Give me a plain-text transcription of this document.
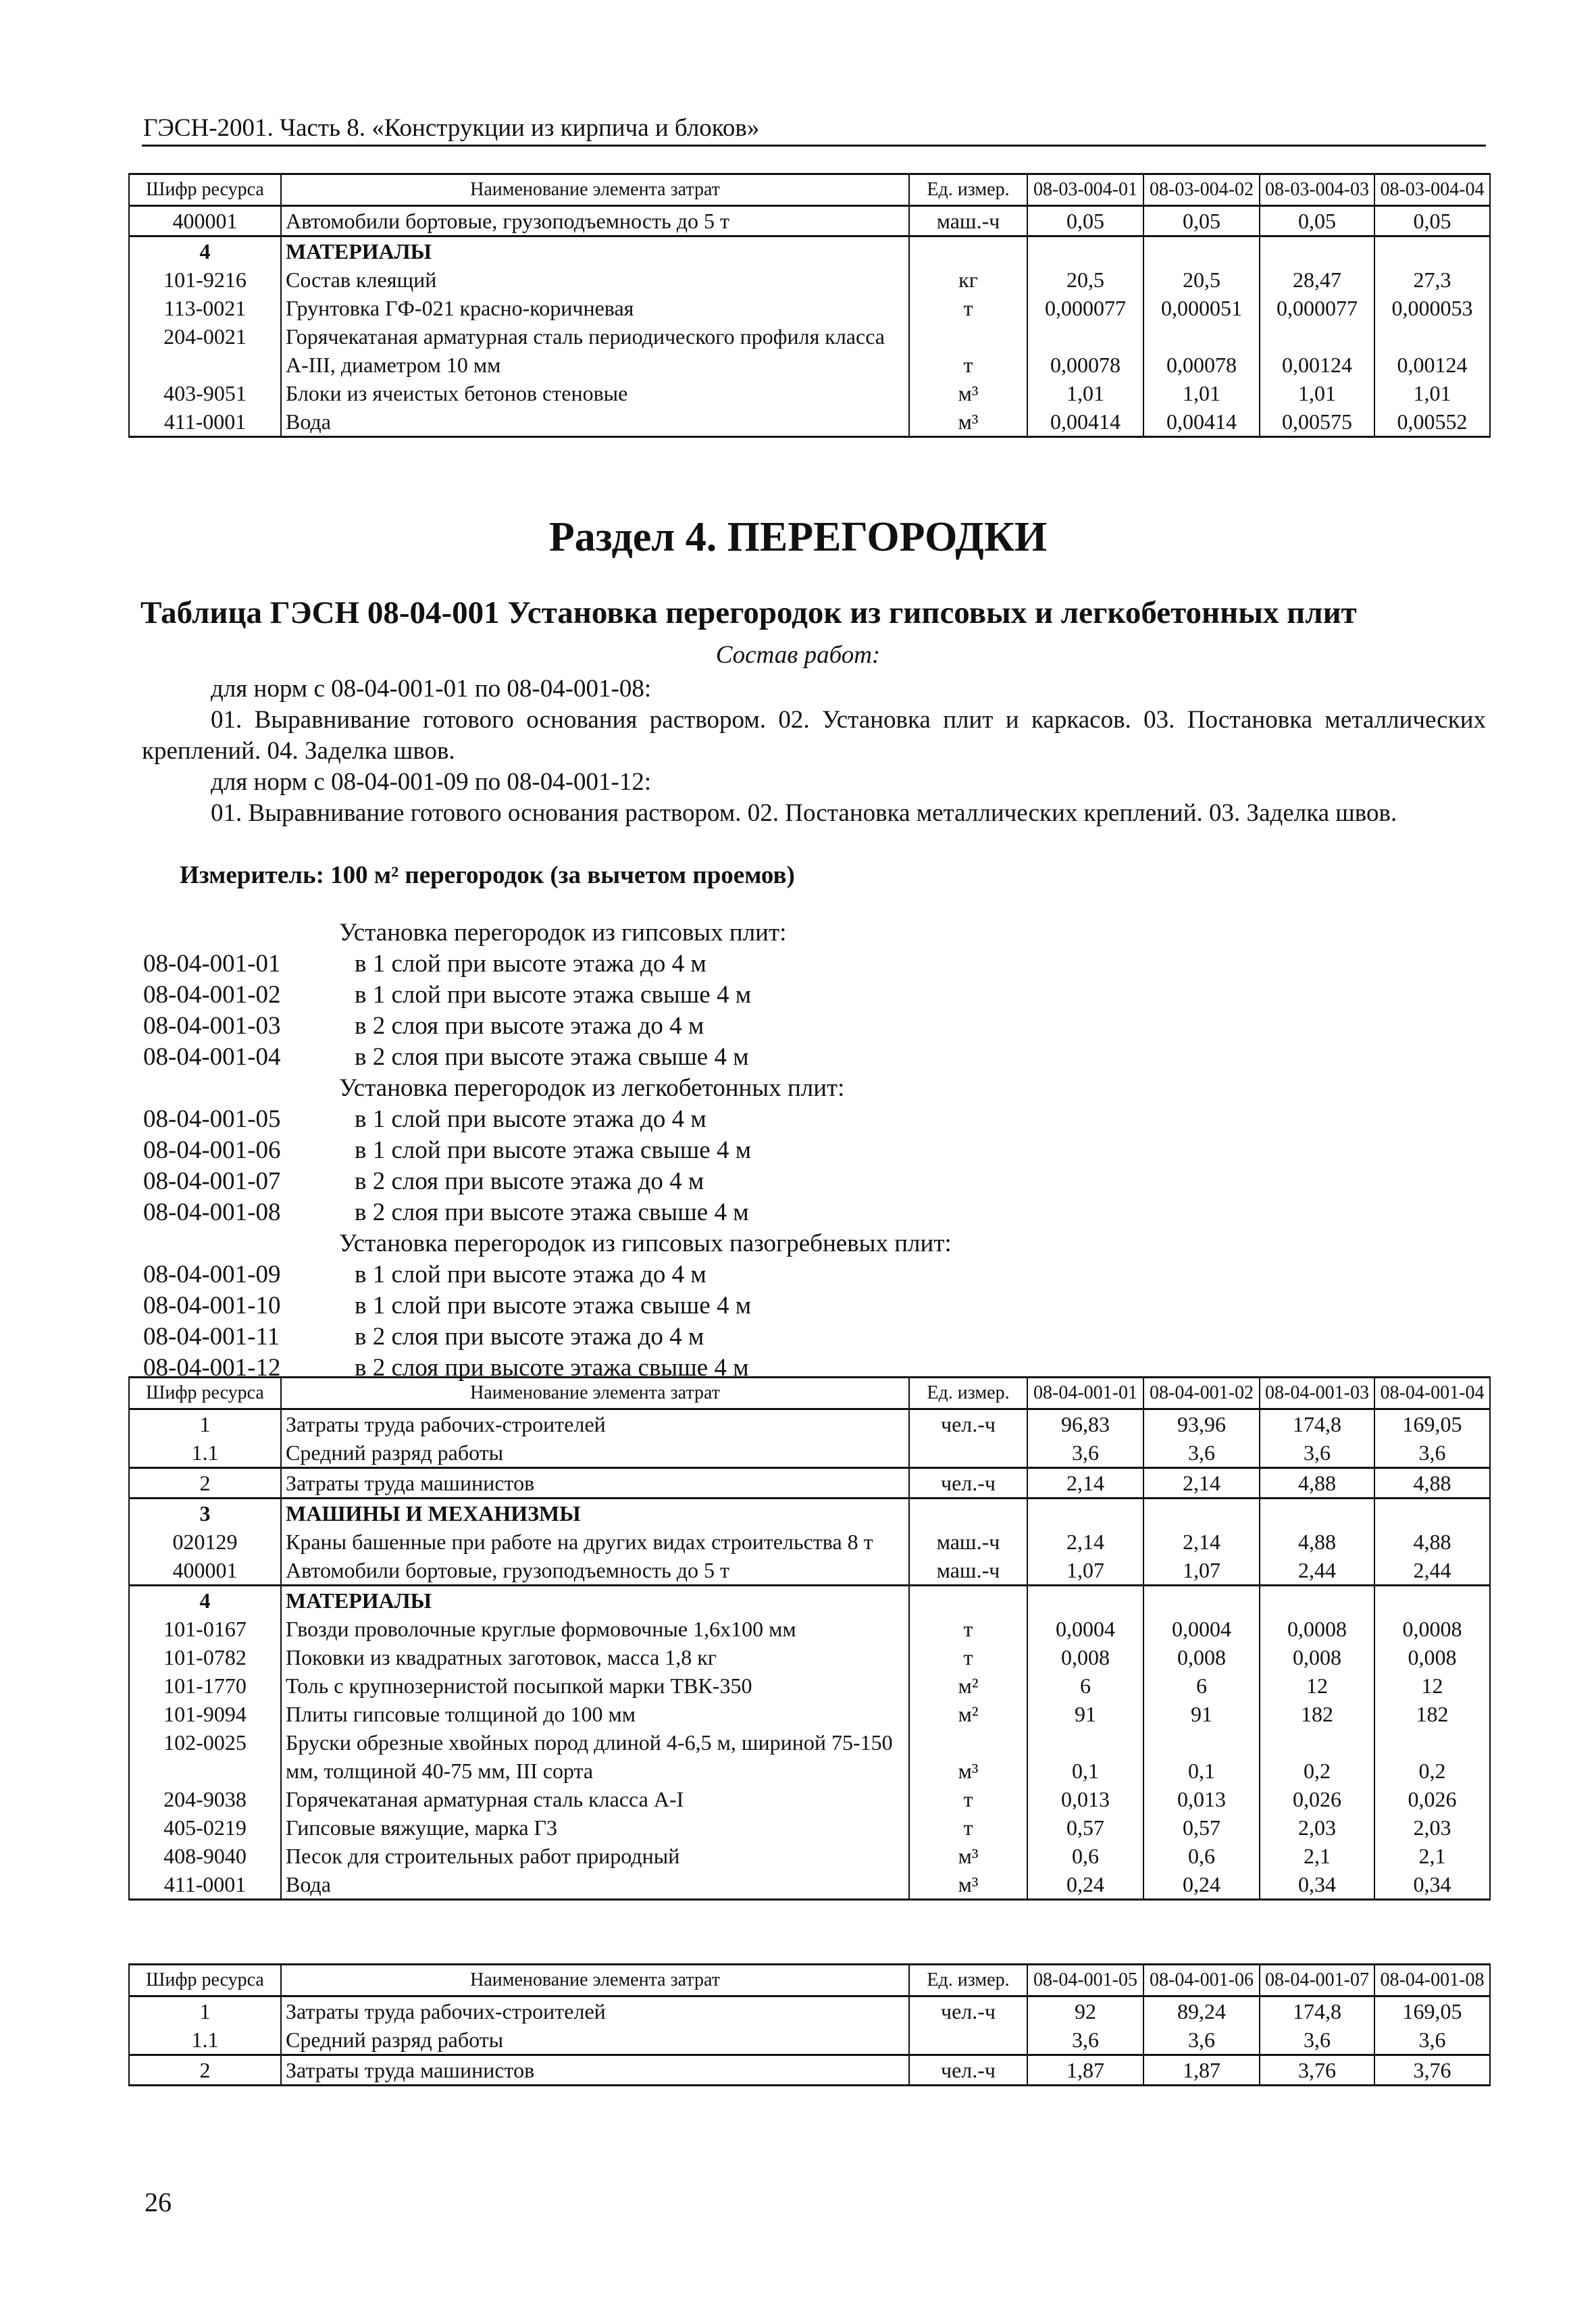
ГЭСН-2001. Часть 8. «Конструкции из кирпича и блоков»
Шифр ресурса	Наименование элемента затрат	Ед. измер.	08-03-004-01	08-03-004-02	08-03-004-03	08-03-004-04
400001	Автомобили бортовые, грузоподъемность до 5 т	маш.-ч	0,05	0,05	0,05	0,05
4	МАТЕРИАЛЫ					
101-9216	Состав клеящий	кг	20,5	20,5	28,47	27,3
113-0021	Грунтовка ГФ-021 красно-коричневая	т	0,000077	0,000051	0,000077	0,000053
204-0021	Горячекатаная арматурная сталь периодического профиля класса А-III, диаметром 10 мм	т	0,00078	0,00078	0,00124	0,00124
403-9051	Блоки из ячеистых бетонов стеновые	м³	1,01	1,01	1,01	1,01
411-0001	Вода	м³	0,00414	0,00414	0,00575	0,00552
Раздел 4. ПЕРЕГОРОДКИ
Таблица ГЭСН 08-04-001 Установка перегородок из гипсовых и легкобетонных плит
Состав работ:
для норм с 08-04-001-01 по 08-04-001-08:
01. Выравнивание готового основания раствором. 02. Установка плит и каркасов. 03. Постановка металлических креплений. 04. Заделка швов.
для норм с 08-04-001-09 по 08-04-001-12:
01. Выравнивание готового основания раствором. 02. Постановка металлических креплений. 03. Заделка швов.
Измеритель: 100 м² перегородок (за вычетом проемов)
Установка перегородок из гипсовых плит:
08-04-001-01	в 1 слой при высоте этажа до 4 м
08-04-001-02	в 1 слой при высоте этажа свыше 4 м
08-04-001-03	в 2 слоя при высоте этажа до 4 м
08-04-001-04	в 2 слоя при высоте этажа свыше 4 м
Установка перегородок из легкобетонных плит:
08-04-001-05	в 1 слой при высоте этажа до 4 м
08-04-001-06	в 1 слой при высоте этажа свыше 4 м
08-04-001-07	в 2 слоя при высоте этажа до 4 м
08-04-001-08	в 2 слоя при высоте этажа свыше 4 м
Установка перегородок из гипсовых пазогребневых плит:
08-04-001-09	в 1 слой при высоте этажа до 4 м
08-04-001-10	в 1 слой при высоте этажа свыше 4 м
08-04-001-11	в 2 слоя при высоте этажа до 4 м
08-04-001-12	в 2 слоя при высоте этажа свыше 4 м
Шифр ресурса	Наименование элемента затрат	Ед. измер.	08-04-001-01	08-04-001-02	08-04-001-03	08-04-001-04
1	Затраты труда рабочих-строителей	чел.-ч	96,83	93,96	174,8	169,05
1.1	Средний разряд работы		3,6	3,6	3,6	3,6
2	Затраты труда машинистов	чел.-ч	2,14	2,14	4,88	4,88
3	МАШИНЫ И МЕХАНИЗМЫ					
020129	Краны башенные при работе на других видах строительства 8 т	маш.-ч	2,14	2,14	4,88	4,88
400001	Автомобили бортовые, грузоподъемность до 5 т	маш.-ч	1,07	1,07	2,44	2,44
4	МАТЕРИАЛЫ					
101-0167	Гвозди проволочные круглые формовочные 1,6х100 мм	т	0,0004	0,0004	0,0008	0,0008
101-0782	Поковки из квадратных заготовок, масса 1,8 кг	т	0,008	0,008	0,008	0,008
101-1770	Толь с крупнозернистой посыпкой марки ТВК-350	м²	6	6	12	12
101-9094	Плиты гипсовые толщиной до 100 мм	м²	91	91	182	182
102-0025	Бруски обрезные хвойных пород длиной 4-6,5 м, шириной 75-150 мм, толщиной 40-75 мм, III сорта	м³	0,1	0,1	0,2	0,2
204-9038	Горячекатаная арматурная сталь класса А-I	т	0,013	0,013	0,026	0,026
405-0219	Гипсовые вяжущие, марка Г3	т	0,57	0,57	2,03	2,03
408-9040	Песок для строительных работ природный	м³	0,6	0,6	2,1	2,1
411-0001	Вода	м³	0,24	0,24	0,34	0,34
Шифр ресурса	Наименование элемента затрат	Ед. измер.	08-04-001-05	08-04-001-06	08-04-001-07	08-04-001-08
1	Затраты труда рабочих-строителей	чел.-ч	92	89,24	174,8	169,05
1.1	Средний разряд работы		3,6	3,6	3,6	3,6
2	Затраты труда машинистов	чел.-ч	1,87	1,87	3,76	3,76
26
